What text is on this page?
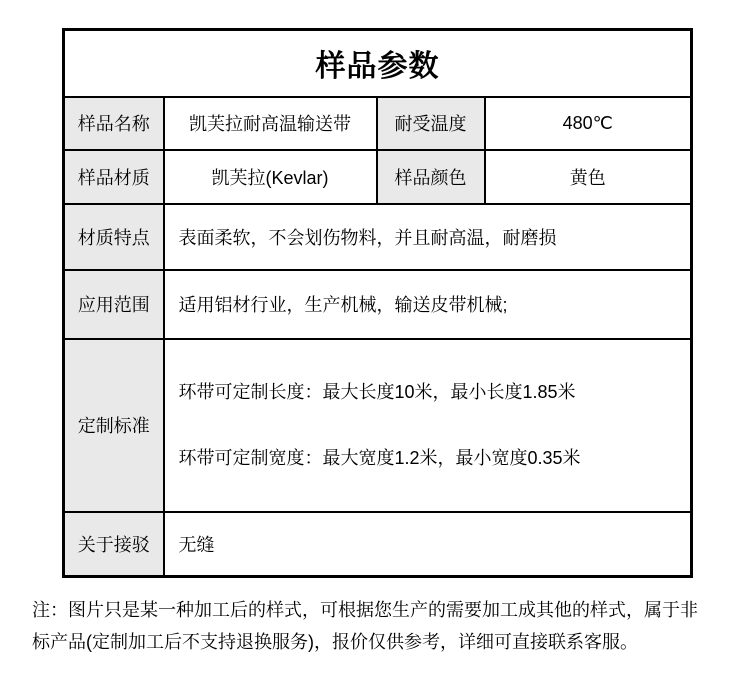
样品参数			
样品名称	凯芙拉耐高温输送带	耐受温度	480℃
样品材质	凯芙拉(Kevlar)	样品颜色	黄色
材质特点	表面柔软，不会划伤物料，并且耐高温，耐磨损		
应用范围	适用铝材行业，生产机械，输送皮带机械;		
定制标准	环带可定制长度：最大长度10米，最小长度1.85米
环带可定制宽度：最大宽度1.2米，最小宽度0.35米		

关于接驳	无缝		
注：图片只是某一种加工后的样式，可根据您生产的需要加工成其他的样式，属于非
标产品(定制加工后不支持退换服务)，报价仅供参考，详细可直接联系客服。
